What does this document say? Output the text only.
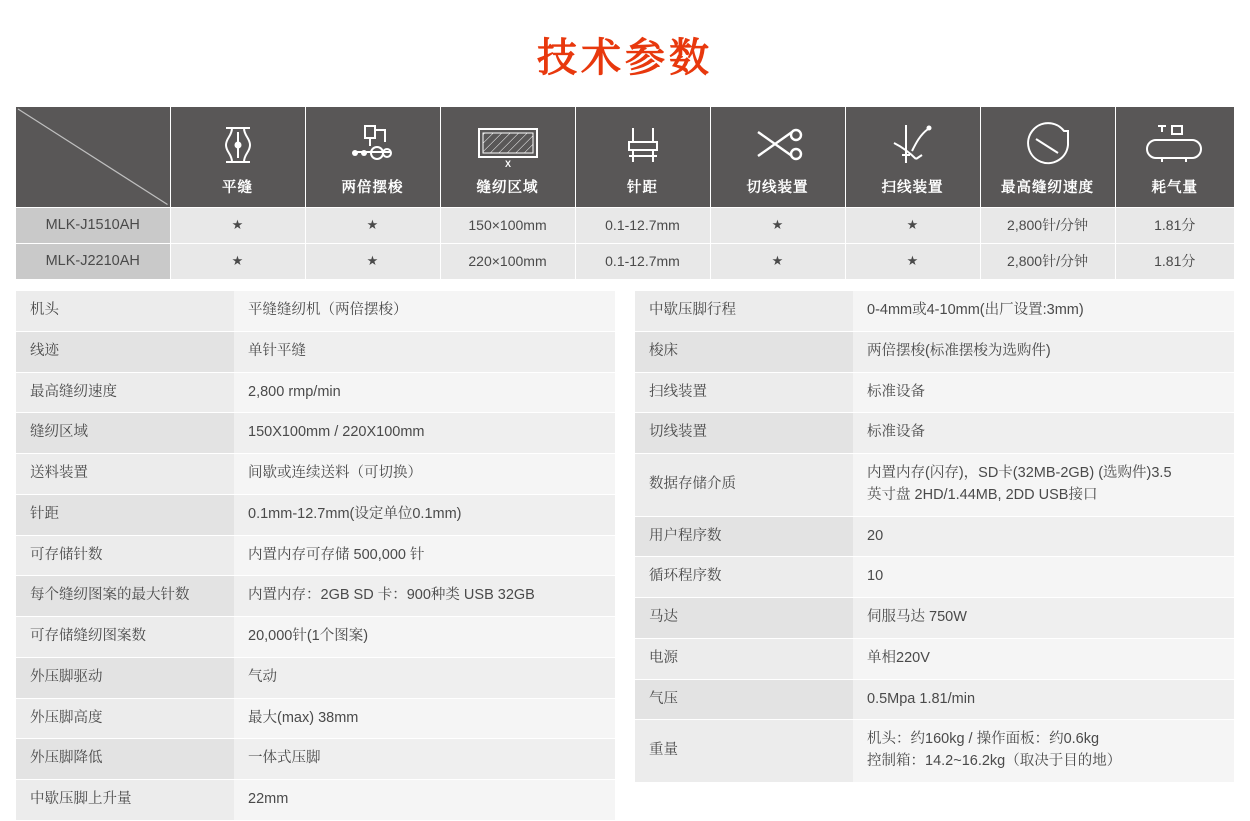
技术参数

平缝	两倍摆梭	X
缝纫区域	针距	切线装置	扫线装置	最高缝纫速度	耗气量

MLK-J1510AH	★	★	150×100mm	0.1-12.7mm	★	★	2,800针/分钟	1.81分
MLK-J2210AH	★	★	220×100mm	0.1-12.7mm	★	★	2,800针/分钟	1.81分
机头	平缝缝纫机（两倍摆梭）
线迹	单针平缝
最高缝纫速度	2,800 rmp/min
缝纫区域	150X100mm / 220X100mm
送料装置	间歇或连续送料（可切换）
针距	0.1mm-12.7mm(设定单位0.1mm)
可存储针数	内置内存可存储 500,000 针
每个缝纫图案的最大针数	内置内存：2GB SD 卡：900种类 USB 32GB
可存储缝纫图案数	20,000针(1个图案)
外压脚驱动	气动
外压脚高度	最大(max) 38mm
外压脚降低	一体式压脚
中歇压脚上升量	22mm
中歇压脚行程	0-4mm或4-10mm(出厂设置:3mm)
梭床	两倍摆梭(标准摆梭为选购件)
扫线装置	标准设备
切线装置	标准设备
数据存储介质	内置内存(闪存)，SD卡(32MB-2GB) (选购件)3.5
英寸盘 2HD/1.44MB, 2DD USB接口

用户程序数	20
循环程序数	10
马达	伺服马达 750W
电源	单相220V
气压	0.5Mpa 1.81/min
重量	机头：约160kg / 操作面板：约0.6kg
控制箱：14.2~16.2kg（取决于目的地）
